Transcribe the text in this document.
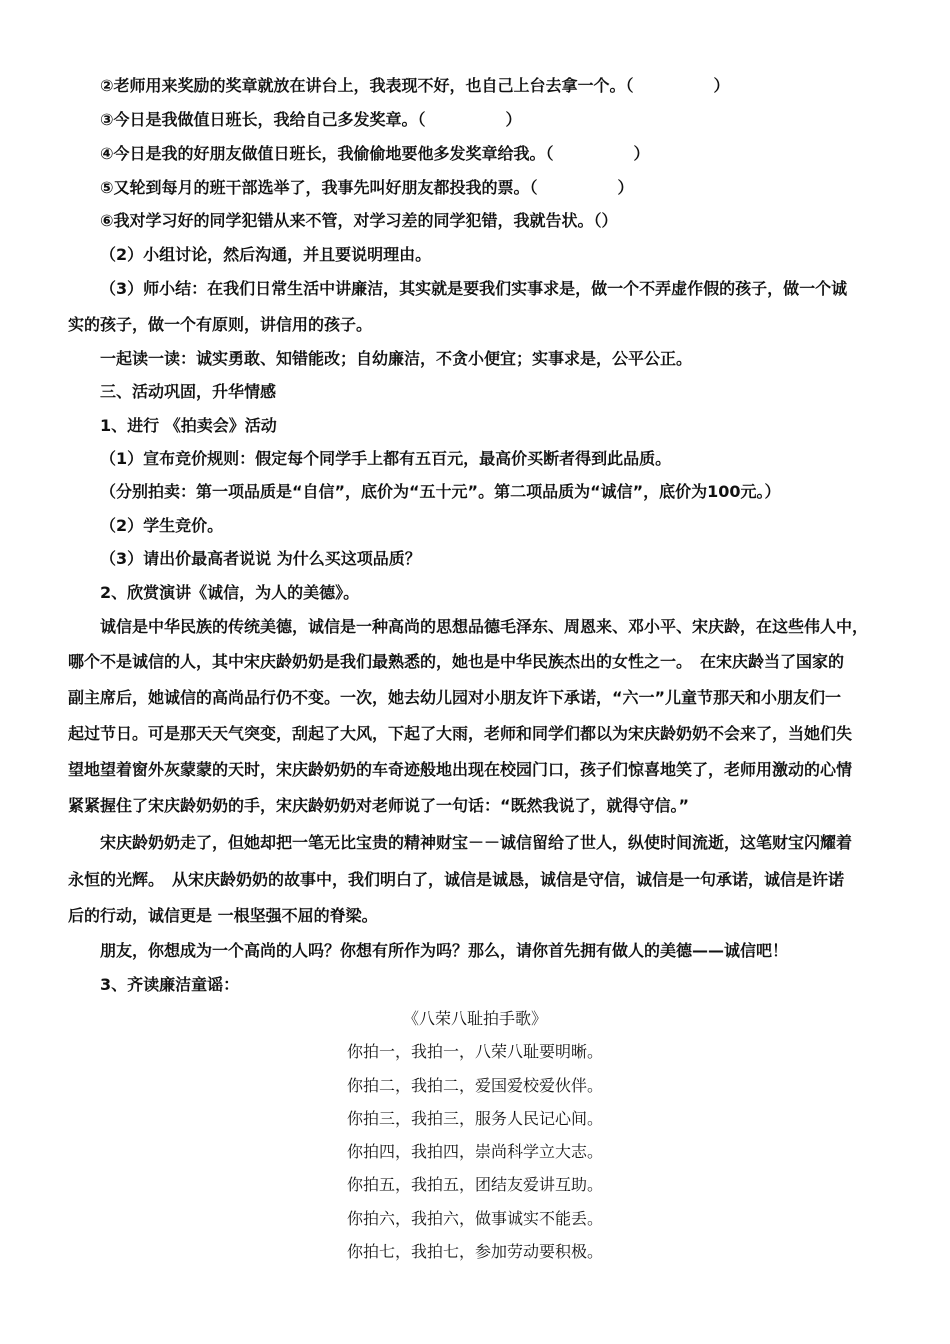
②老师用来奖励的奖章就放在讲台上，我表现不好，也自己上台去拿一个。（　　　　　）
③今日是我做值日班长，我给自己多发奖章。（　　　　　）
④今日是我的好朋友做值日班长，我偷偷地要他多发奖章给我。（　　　　　）
⑤又轮到每月的班干部选举了，我事先叫好朋友都投我的票。（　　　　　）
⑥我对学习好的同学犯错从来不管，对学习差的同学犯错，我就告状。（）
（2）小组讨论，然后沟通，并且要说明理由。
（3）师小结：在我们日常生活中讲廉洁，其实就是要我们实事求是，做一个不弄虚作假的孩子，做一个诚
实的孩子，做一个有原则，讲信用的孩子。
一起读一读：诚实勇敢、知错能改；自幼廉洁，不贪小便宜；实事求是，公平公正。
三、活动巩固，升华情感
1、进行 《拍卖会》活动
（1）宣布竞价规则：假定每个同学手上都有五百元，最高价买断者得到此品质。
（分别拍卖：第一项品质是“自信”，底价为“五十元”。第二项品质为“诚信”，底价为100元。）
（2）学生竞价。
（3）请出价最高者说说 为什么买这项品质？
2、欣赏演讲《诚信，为人的美德》。
诚信是中华民族的传统美德，诚信是一种高尚的思想品德毛泽东、周恩来、邓小平、宋庆龄，在这些伟人中，
哪个不是诚信的人，其中宋庆龄奶奶是我们最熟悉的，她也是中华民族杰出的女性之一。　在宋庆龄当了国家的
副主席后，她诚信的高尚品行仍不变。一次，她去幼儿园对小朋友许下承诺，“六一”儿童节那天和小朋友们一
起过节日。可是那天天气突变，刮起了大风，下起了大雨，老师和同学们都以为宋庆龄奶奶不会来了，当她们失
望地望着窗外灰蒙蒙的天时，宋庆龄奶奶的车奇迹般地出现在校园门口，孩子们惊喜地笑了，老师用激动的心情
紧紧握住了宋庆龄奶奶的手，宋庆龄奶奶对老师说了一句话：“既然我说了，就得守信。”
宋庆龄奶奶走了，但她却把一笔无比宝贵的精神财宝－－诚信留给了世人，纵使时间流逝，这笔财宝闪耀着
永恒的光辉。　从宋庆龄奶奶的故事中，我们明白了，诚信是诚恳，诚信是守信，诚信是一句承诺，诚信是许诺
后的行动，诚信更是 一根坚强不屈的脊梁。
朋友，你想成为一个高尚的人吗？你想有所作为吗？那么，请你首先拥有做人的美德——诚信吧！
3、齐读廉洁童谣：
《八荣八耻拍手歌》
你拍一，我拍一，八荣八耻要明晰。
你拍二，我拍二，爱国爱校爱伙伴。
你拍三，我拍三，服务人民记心间。
你拍四，我拍四，崇尚科学立大志。
你拍五，我拍五，团结友爱讲互助。
你拍六，我拍六，做事诚实不能丢。
你拍七，我拍七，参加劳动要积极。
